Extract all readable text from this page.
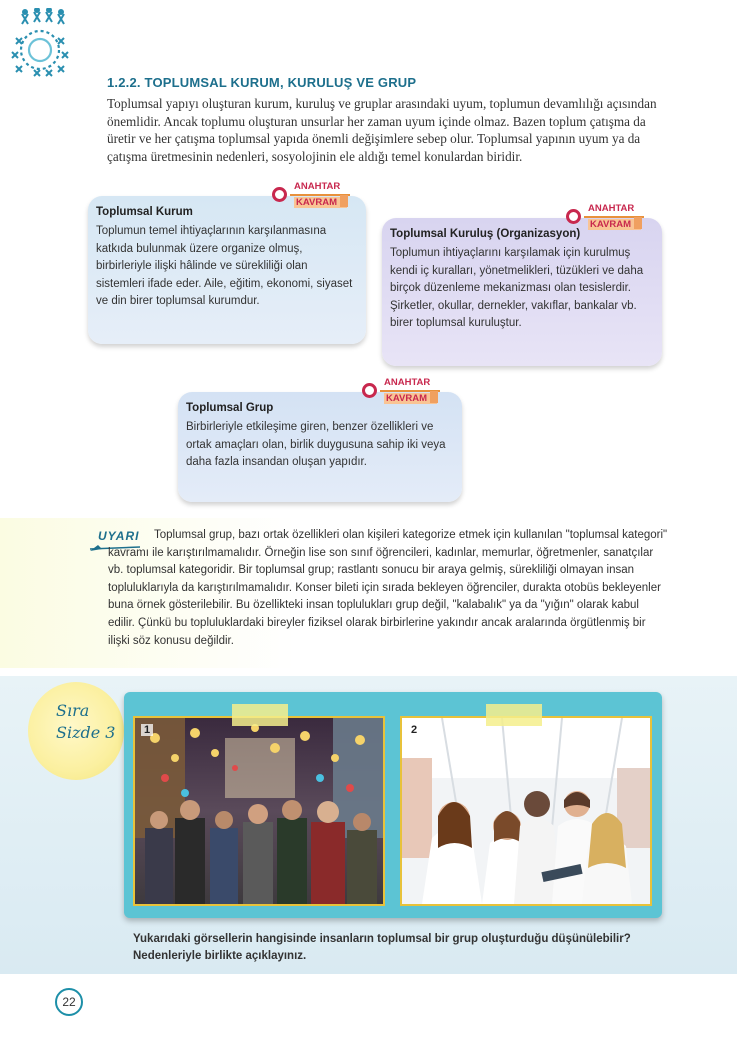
1.2.2. TOPLUMSAL KURUM, KURULUŞ VE GRUP
Toplumsal yapıyı oluşturan kurum, kuruluş ve gruplar arasındaki uyum, toplumun devamlılığı açısından önemlidir. Ancak toplumu oluşturan unsurlar her zaman uyum içinde olmaz. Bazen toplum çatışma da üretir ve her çatışma toplumsal yapıda önemli değişimlere sebep olur. Toplumsal yapının uyum ya da çatışma üretmesinin nedenleri, sosyolojinin ele aldığı temel konulardan biridir.
Toplumsal Kurum

Toplumun temel ihtiyaçlarının karşılanmasına katkıda bulunmak üzere organize olmuş, birbirleriyle ilişki hâlinde ve sürekliliği olan sistemleri ifade eder. Aile, eğitim, ekonomi, siyaset ve din birer toplumsal kurumdur.

ANAHTAR
KAVRAM
Toplumsal Kuruluş (Organizasyon)

Toplumun ihtiyaçlarını karşılamak için kurulmuş kendi iç kuralları, yönetmelikleri, tüzükleri ve daha birçok düzenleme mekanizması olan tesislerdir. Şirketler, okullar, dernekler, vakıflar, bankalar vb. birer toplumsal kuruluştur.

ANAHTAR
KAVRAM
Toplumsal Grup

Birbirleriyle etkileşime giren, benzer özellikleri ve ortak amaçları olan, birlik duygusuna sahip iki veya daha fazla insandan oluşan yapıdır.

ANAHTAR
KAVRAM
UYARI	Toplumsal grup, bazı ortak özellikleri olan kişileri kategorize etmek için kullanılan "toplumsal kategori" kavramı ile karıştırılmamalıdır. Örneğin lise son sınıf öğrencileri, kadınlar, memurlar, öğretmenler, sanatçılar vb. toplumsal kategoridir. Bir toplumsal grup; rastlantı sonucu bir araya gelmiş, sürekliliği olmayan insan topluluklarıyla da karıştırılmamalıdır. Konser bileti için sırada bekleyen öğrenciler, durakta otobüs bekleyenler buna örnek gösterilebilir. Bu özellikteki insan toplulukları grup değil, "kalabalık" ya da "yığın" olarak kabul edilir. Çünkü bu topluluklardaki bireyler fiziksel olarak birbirlerine yakındır ancak aralarında örgütlenmiş bir ilişki söz konusu değildir.
Sıra
Sizde 3	1	2
Yukarıdaki görsellerin hangisinde insanların toplumsal bir grup oluşturduğu düşünülebilir? Nedenleriyle birlikte açıklayınız.
22
